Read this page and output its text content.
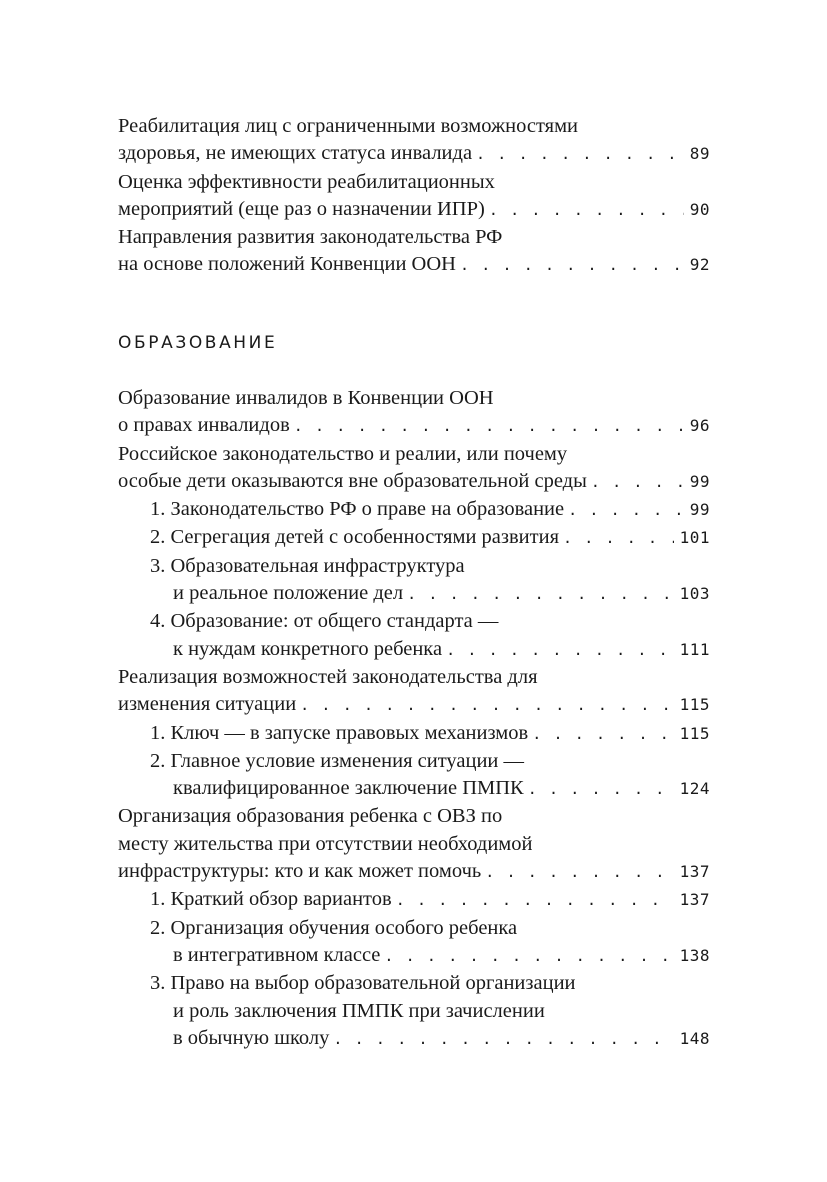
Реабилитация лиц с ограниченными возможностями
здоровья, не имеющих статуса инвалида . . .	89
Оценка эффективности реабилитационных
мероприятий (еще раз о назначении ИПР) . . .	90
Направления развития законодательства РФ
на основе положений Конвенции ООН . . .	92
ОБРАЗОВАНИЕ
Образование инвалидов в Конвенции ООН
о правах инвалидов . . .	96
Российское законодательство и реалии, или почему
особые дети оказываются вне образовательной среды . . .	99
1. Законодательство РФ о праве на образование . . .	99
2. Сегрегация детей с особенностями развития . . .	101
3. Образовательная инфраструктура
и реальное положение дел . . .	103
4. Образование: от общего стандарта —
к нуждам конкретного ребенка . . .	111
Реализация возможностей законодательства для
изменения ситуации . . .	115
1. Ключ — в запуске правовых механизмов . . .	115
2. Главное условие изменения ситуации —
квалифицированное заключение ПМПК . . .	124
Организация образования ребенка с ОВЗ по
месту жительства при отсутствии необходимой
инфраструктуры: кто и как может помочь . . .	137
1. Краткий обзор вариантов . . .	137
2. Организация обучения особого ребенка
в интегративном классе . . .	138
3. Право на выбор образовательной организации
и роль заключения ПМПК при зачислении
в обычную школу . . .	148
